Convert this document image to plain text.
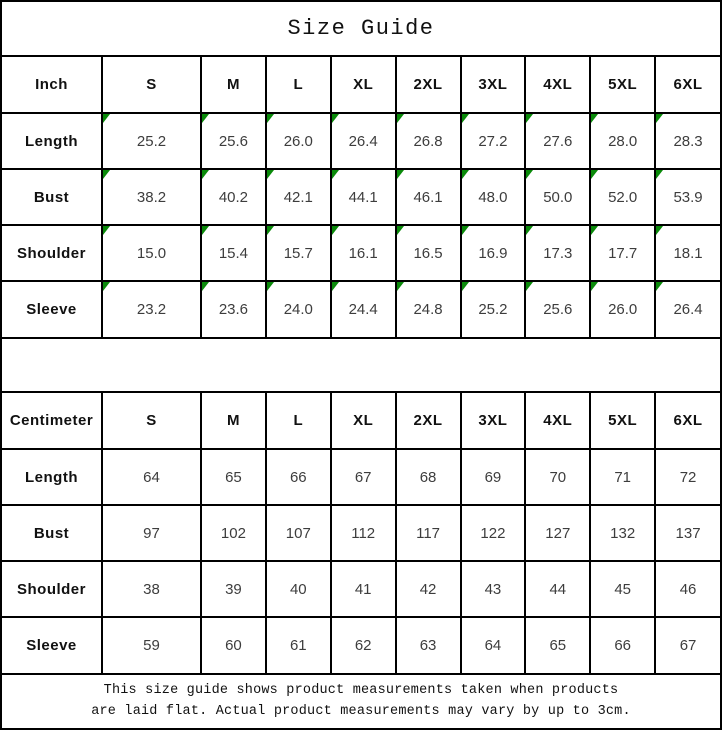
Size Guide
Inch	S	M	L	XL	2XL	3XL	4XL	5XL	6XL
Length	25.2	25.6	26.0	26.4	26.8	27.2	27.6	28.0	28.3
Bust	38.2	40.2	42.1	44.1	46.1	48.0	50.0	52.0	53.9
Shoulder	15.0	15.4	15.7	16.1	16.5	16.9	17.3	17.7	18.1
Sleeve	23.2	23.6	24.0	24.4	24.8	25.2	25.6	26.0	26.4
Centimeter	S	M	L	XL	2XL	3XL	4XL	5XL	6XL
Length	64	65	66	67	68	69	70	71	72
Bust	97	102	107	112	117	122	127	132	137
Shoulder	38	39	40	41	42	43	44	45	46
Sleeve	59	60	61	62	63	64	65	66	67
This size guide shows product measurements taken when products
are laid flat. Actual product measurements may vary by up to 3cm.
